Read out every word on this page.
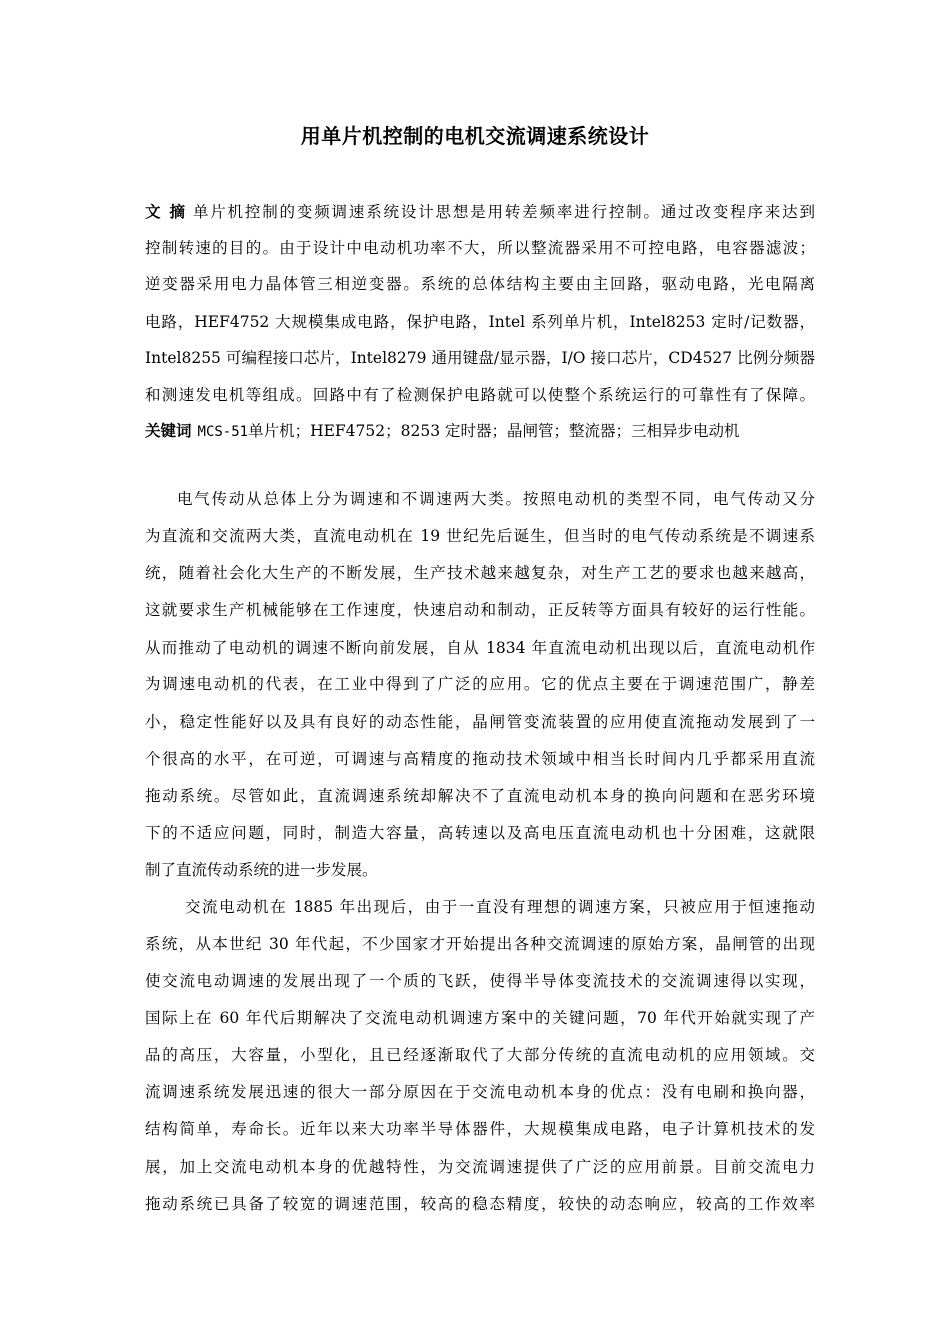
用单片机控制的电机交流调速系统设计
文 摘 单片机控制的变频调速系统设计思想是用转差频率进行控制。通过改变程序来达到
控制转速的目的。由于设计中电动机功率不大，所以整流器采用不可控电路，电容器滤波；
逆变器采用电力晶体管三相逆变器。系统的总体结构主要由主回路，驱动电路，光电隔离
电路，HEF4752 大规模集成电路，保护电路，Intel 系列单片机，Intel8253 定时/记数器，
Intel8255 可编程接口芯片，Intel8279 通用键盘/显示器，I/O 接口芯片，CD4527 比例分频器
和测速发电机等组成。回路中有了检测保护电路就可以使整个系统运行的可靠性有了保障。
关键词 MCS-51单片机；HEF4752；8253 定时器；晶闸管；整流器；三相异步电动机
电气传动从总体上分为调速和不调速两大类。按照电动机的类型不同，电气传动又分
为直流和交流两大类，直流电动机在 19 世纪先后诞生，但当时的电气传动系统是不调速系
统，随着社会化大生产的不断发展，生产技术越来越复杂，对生产工艺的要求也越来越高，
这就要求生产机械能够在工作速度，快速启动和制动，正反转等方面具有较好的运行性能。
从而推动了电动机的调速不断向前发展，自从 1834 年直流电动机出现以后，直流电动机作
为调速电动机的代表，在工业中得到了广泛的应用。它的优点主要在于调速范围广，静差
小，稳定性能好以及具有良好的动态性能，晶闸管变流装置的应用使直流拖动发展到了一
个很高的水平，在可逆，可调速与高精度的拖动技术领域中相当长时间内几乎都采用直流
拖动系统。尽管如此，直流调速系统却解决不了直流电动机本身的换向问题和在恶劣环境
下的不适应问题，同时，制造大容量，高转速以及高电压直流电动机也十分困难，这就限
制了直流传动系统的进一步发展。
交流电动机在 1885 年出现后，由于一直没有理想的调速方案，只被应用于恒速拖动
系统，从本世纪 30 年代起，不少国家才开始提出各种交流调速的原始方案，晶闸管的出现
使交流电动调速的发展出现了一个质的飞跃，使得半导体变流技术的交流调速得以实现，
国际上在 60 年代后期解决了交流电动机调速方案中的关键问题，70 年代开始就实现了产
品的高压，大容量，小型化，且已经逐渐取代了大部分传统的直流电动机的应用领域。交
流调速系统发展迅速的很大一部分原因在于交流电动机本身的优点：没有电刷和换向器，
结构简单，寿命长。近年以来大功率半导体器件，大规模集成电路，电子计算机技术的发
展，加上交流电动机本身的优越特性，为交流调速提供了广泛的应用前景。目前交流电力
拖动系统已具备了较宽的调速范围，较高的稳态精度，较快的动态响应，较高的工作效率
